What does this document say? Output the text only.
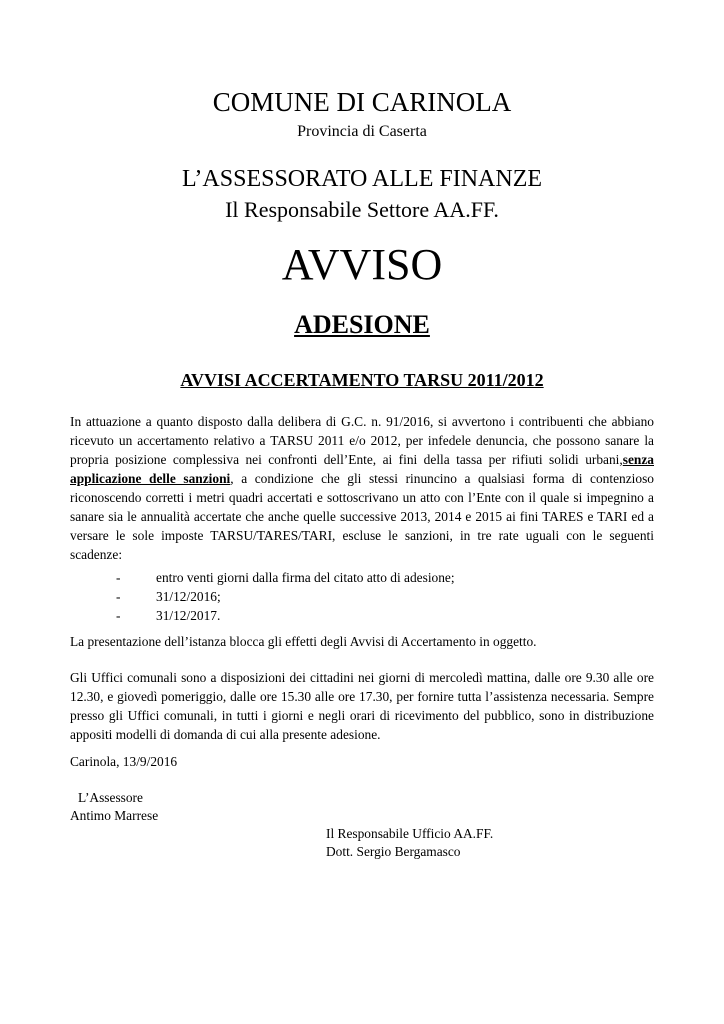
COMUNE DI CARINOLA
Provincia di Caserta
L’ASSESSORATO ALLE FINANZE
Il Responsabile Settore AA.FF.
AVVISO
ADESIONE
AVVISI ACCERTAMENTO TARSU 2011/2012

In attuazione a quanto disposto dalla delibera di G.C. n. 91/2016, si avvertono i contribuenti che abbiano ricevuto un accertamento relativo a TARSU 2011 e/o 2012, per infedele denuncia, che possono sanare la propria posizione complessiva nei confronti dell’Ente, ai fini della tassa per rifiuti solidi urbani,senza applicazione delle sanzioni, a condizione che gli stessi rinuncino a qualsiasi forma di contenzioso riconoscendo corretti i metri quadri accertati e sottoscrivano un atto con l’Ente con il quale si impegnino a sanare sia le annualità accertate che anche quelle successive 2013, 2014 e 2015 ai fini TARES e TARI ed a versare le sole imposte TARSU/TARES/TARI, escluse le sanzioni, in tre rate uguali con le seguenti scadenze:

-	entro venti giorni dalla firma del citato atto di adesione;
-	31/12/2016;
-	31/12/2017.

La presentazione dell’istanza blocca gli effetti degli Avvisi di Accertamento in oggetto.

Gli Uffici comunali sono a disposizioni dei cittadini nei giorni di mercoledì mattina, dalle ore 9.30 alle ore 12.30, e giovedì pomeriggio, dalle ore 15.30 alle ore 17.30, per fornire tutta l’assistenza necessaria. Sempre presso gli Uffici comunali, in tutti i giorni e negli orari di ricevimento del pubblico, sono in distribuzione appositi modelli di domanda di cui alla presente adesione.

Carinola, 13/9/2016
L’Assessore
Antimo Marrese
Il Responsabile Ufficio AA.FF.
Dott. Sergio Bergamasco
